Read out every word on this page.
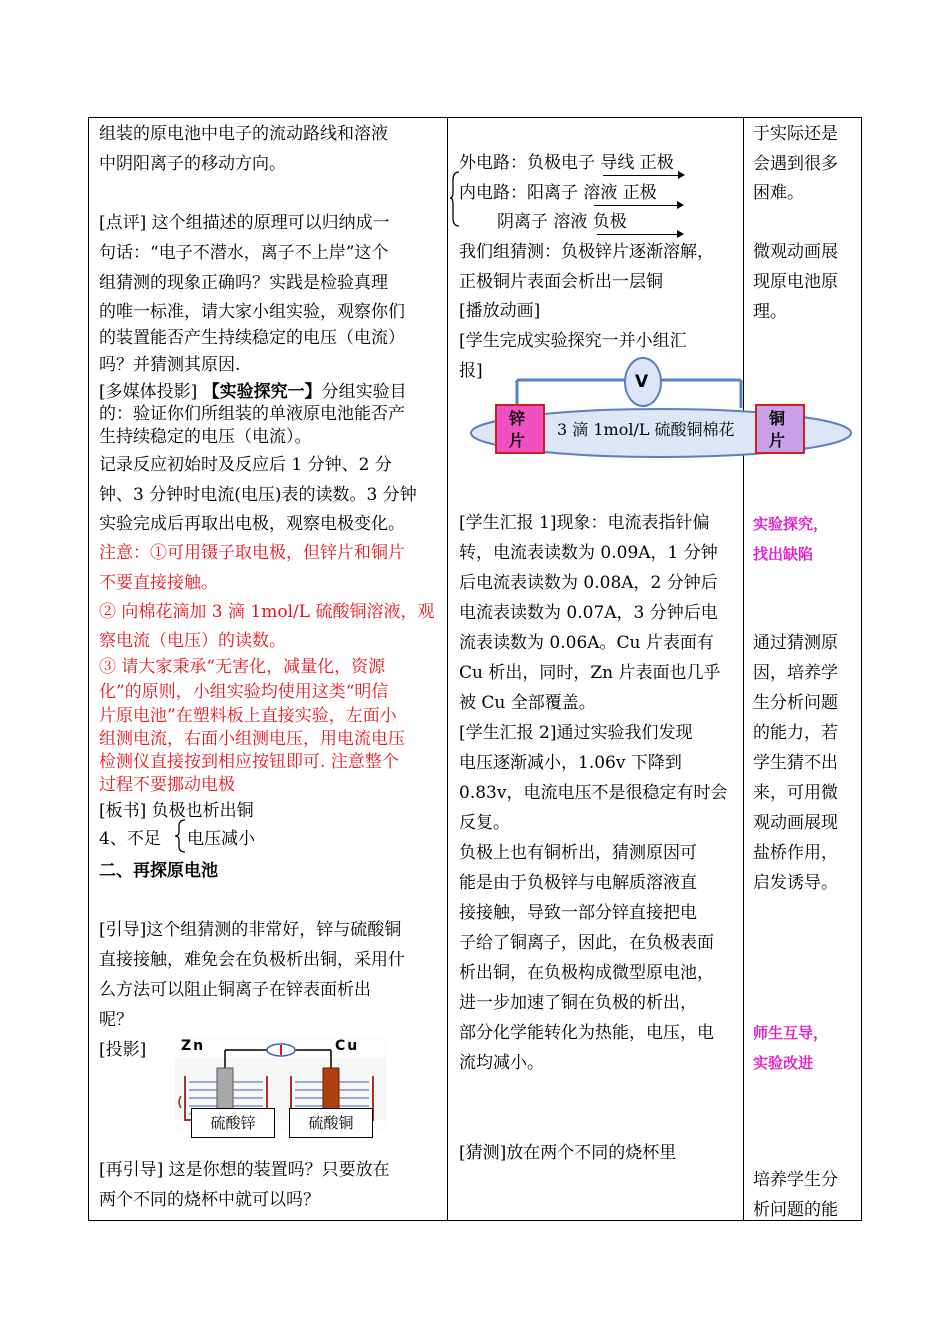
组装的原电池中电子的流动路线和溶液
中阴阳离子的移动方向。
[点评] 这个组描述的原理可以归纳成一
句话：“电子不潜水，离子不上岸”这个
组猜测的现象正确吗？实践是检验真理
的唯一标准，请大家小组实验，观察你们
的装置能否产生持续稳定的电压（电流）
吗？并猜测其原因.
[多媒体投影] 【实验探究一】分组实验目
的：验证你们所组装的单液原电池能否产
生持续稳定的电压（电流）。
记录反应初始时及反应后 1 分钟、2 分
钟、3 分钟时电流(电压)表的读数。3 分钟
实验完成后再取出电极，观察电极变化。
注意：①可用镊子取电极，但锌片和铜片
不要直接接触。
② 向棉花滴加 3 滴 1mol/L 硫酸铜溶液，观
察电流（电压）的读数。
③ 请大家秉承“无害化，减量化，资源
化”的原则，小组实验均使用这类“明信
片原电池”在塑料板上直接实验，左面小
组测电流，右面小组测电压，用电流电压
检测仪直接按到相应按钮即可. 注意整个
过程不要挪动电极
[板书] 负极也析出铜
4、不足 电压减小
二、再探原电池
[引导]这个组猜测的非常好，锌与硫酸铜
直接接触，难免会在负极析出铜，采用什
么方法可以阻止铜离子在锌表面析出
呢？
[投影] Zn	Cu
硫酸锌	硫酸铜
[再引导] 这是你想的装置吗？只要放在
两个不同的烧杯中就可以吗？
外电路：负极电子 导线 正极
内电路：阳离子 溶液 正极
阴离子 溶液 负极
我们组猜测：负极锌片逐渐溶解，
正极铜片表面会析出一层铜
[播放动画]
[学生完成实验探究一并小组汇
报]
V
锌
片
3 滴 1mol/L 硫酸铜棉花
铜
片
[学生汇报 1]现象：电流表指针偏
转，电流表读数为 0.09A，1 分钟
后电流表读数为 0.08A，2 分钟后
电流表读数为 0.07A，3 分钟后电
流表读数为 0.06A。Cu 片表面有
Cu 析出，同时，Zn 片表面也几乎
被 Cu 全部覆盖。
[学生汇报 2]通过实验我们发现
电压逐渐减小，1.06v 下降到
0.83v，电流电压不是很稳定有时会
反复。
负极上也有铜析出，猜测原因可
能是由于负极锌与电解质溶液直
接接触，导致一部分锌直接把电
子给了铜离子，因此，在负极表面
析出铜，在负极构成微型原电池，
进一步加速了铜在负极的析出，
部分化学能转化为热能，电压，电
流均减小。
[猜测]放在两个不同的烧杯里
于实际还是
会遇到很多
困难。
微观动画展
现原电池原
理。
实验探究，
找出缺陷
通过猜测原
因，培养学
生分析问题
的能力，若
学生猜不出
来，可用微
观动画展现
盐桥作用，
启发诱导。
师生互导，
实验改进
培养学生分
析问题的能
